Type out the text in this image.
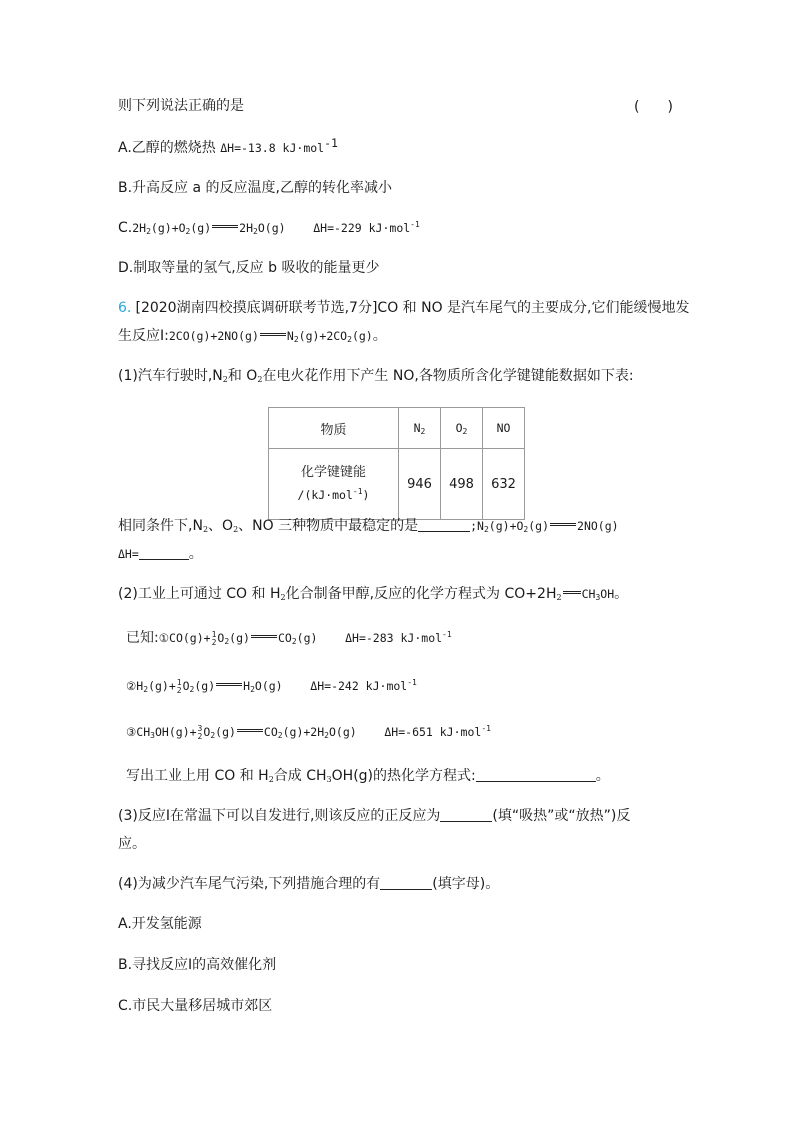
则下列说法正确的是	(　　)
A.乙醇的燃烧热 ΔH=-13.8 kJ·mol$^{-1}$
B.升高反应 a 的反应温度,乙醇的转化率减小
$C.2H_2(g)+O_2(g)$ $2H_2O(g)$    ΔH=-229 kJ·mol$^{-1}$
D.制取等量的氢气,反应 b 吸收的能量更少
6. [2020湖南四校摸底调研联考节选,7分]CO 和 NO 是汽车尾气的主要成分,它们能缓慢地发
生反应Ⅰ:2CO(g)+2NO(g) $N_2(g)+2CO_2(g)$。
(1)汽车行驶时$,N_2$和 $O_2$在电火花作用下产生 NO,各物质所含化学键键能数据如下表:
物质	$N_2$	$O_2$	NO

化学键键能
/(kJ·mol$^{-1}$)	946	498	632
相同条件下$,N_2$、$O_2$、NO 三种物质中最稳定的是	$;N_2(g)+O_2(g)$ 2NO(g)
ΔH=	。
(2)工业上可通过 CO 和 $H_2$化合制备甲醇,反应的化学方程式为 $CO+2H_2$ $CH_3OH$。
已知:①CO(g)+ 1
2 $O_2(g)$ $CO_2(g)$    ΔH=-283 kJ·mol$^{-1}$
$②H_2(g)+ 1$
2 $O_2(g)$ $H_2O(g)$    ΔH=-242 kJ·mol$^{-1}$
$③CH_3OH(g)+ 3$
2 $O_2(g)$ $CO_2(g)+2H_2O(g)$    ΔH=-651 kJ·mol$^{-1}$
写出工业上用 CO 和 $H_2$合成 $CH_3OH(g)$的热化学方程式:	。
(3)反应Ⅰ在常温下可以自发进行,则该反应的正反应为	(填“吸热”或“放热”)反
应。
(4)为减少汽车尾气污染,下列措施合理的有	(填字母)。
A.开发氢能源
B.寻找反应Ⅰ的高效催化剂
C.市民大量移居城市郊区
